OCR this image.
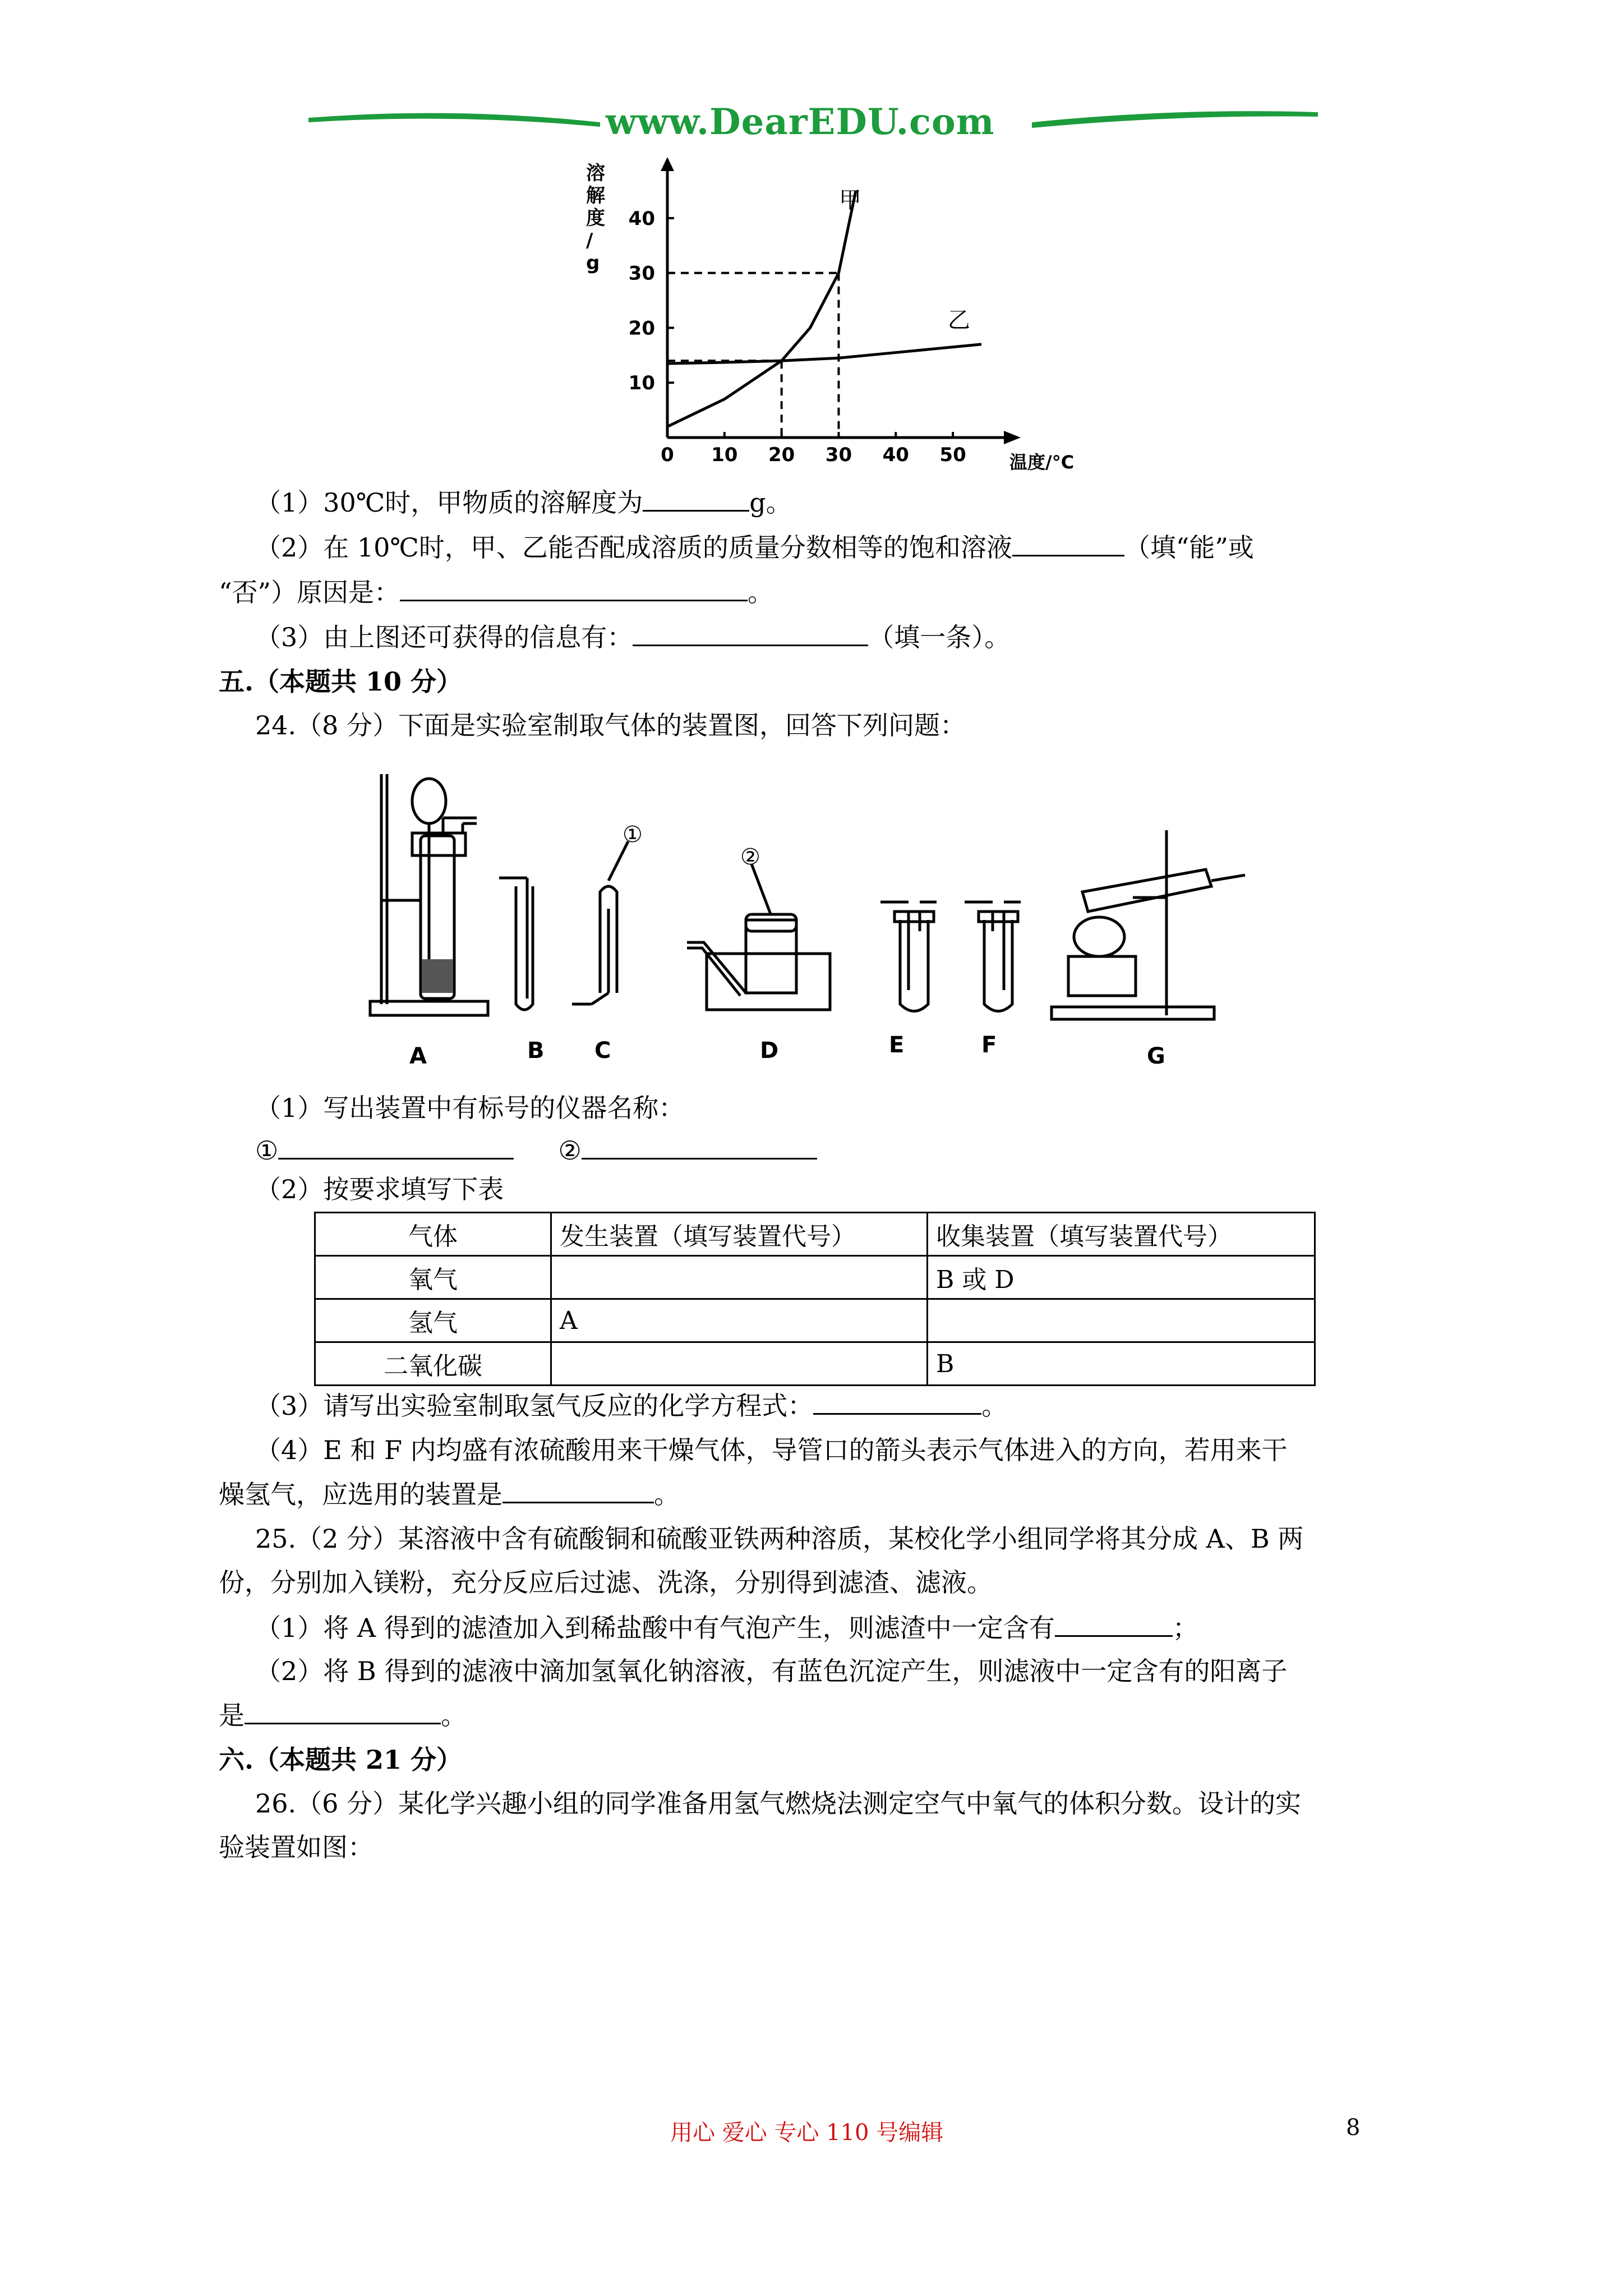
www.DearEDU.com
0 10 20 30 40 50
10
20
30
40
甲
乙
溶
解
度
/
g
温度/°C
（1）30℃时，甲物质的溶解度为	g。
（2）在 10℃时，甲、乙能否配成溶质的质量分数相等的饱和溶液	（填“能”或
“否”）原因是：	。
（3）由上图还可获得的信息有：	（填一条）。
五.（本题共 10 分）
24.（8 分）下面是实验室制取气体的装置图，回答下列问题：
A	B C	D	E	F	G
①
②
（1）写出装置中有标号的仪器名称：
①	②
（2）按要求填写下表
气体	发生装置（填写装置代号）	收集装置（填写装置代号）
氧气		B 或 D
氢气	A	
二氧化碳		B
（3）请写出实验室制取氢气反应的化学方程式：	。
（4）E 和 F 内均盛有浓硫酸用来干燥气体，导管口的箭头表示气体进入的方向，若用来干
燥氢气，应选用的装置是	。
25.（2 分）某溶液中含有硫酸铜和硫酸亚铁两种溶质，某校化学小组同学将其分成 A、B 两
份，分别加入镁粉，充分反应后过滤、洗涤，分别得到滤渣、滤液。
（1）将 A 得到的滤渣加入到稀盐酸中有气泡产生，则滤渣中一定含有	；
（2）将 B 得到的滤液中滴加氢氧化钠溶液，有蓝色沉淀产生，则滤液中一定含有的阳离子
是	。
六.（本题共 21 分）
26.（6 分）某化学兴趣小组的同学准备用氢气燃烧法测定空气中氧气的体积分数。设计的实
验装置如图：
用心 爱心 专心 110 号编辑	8
